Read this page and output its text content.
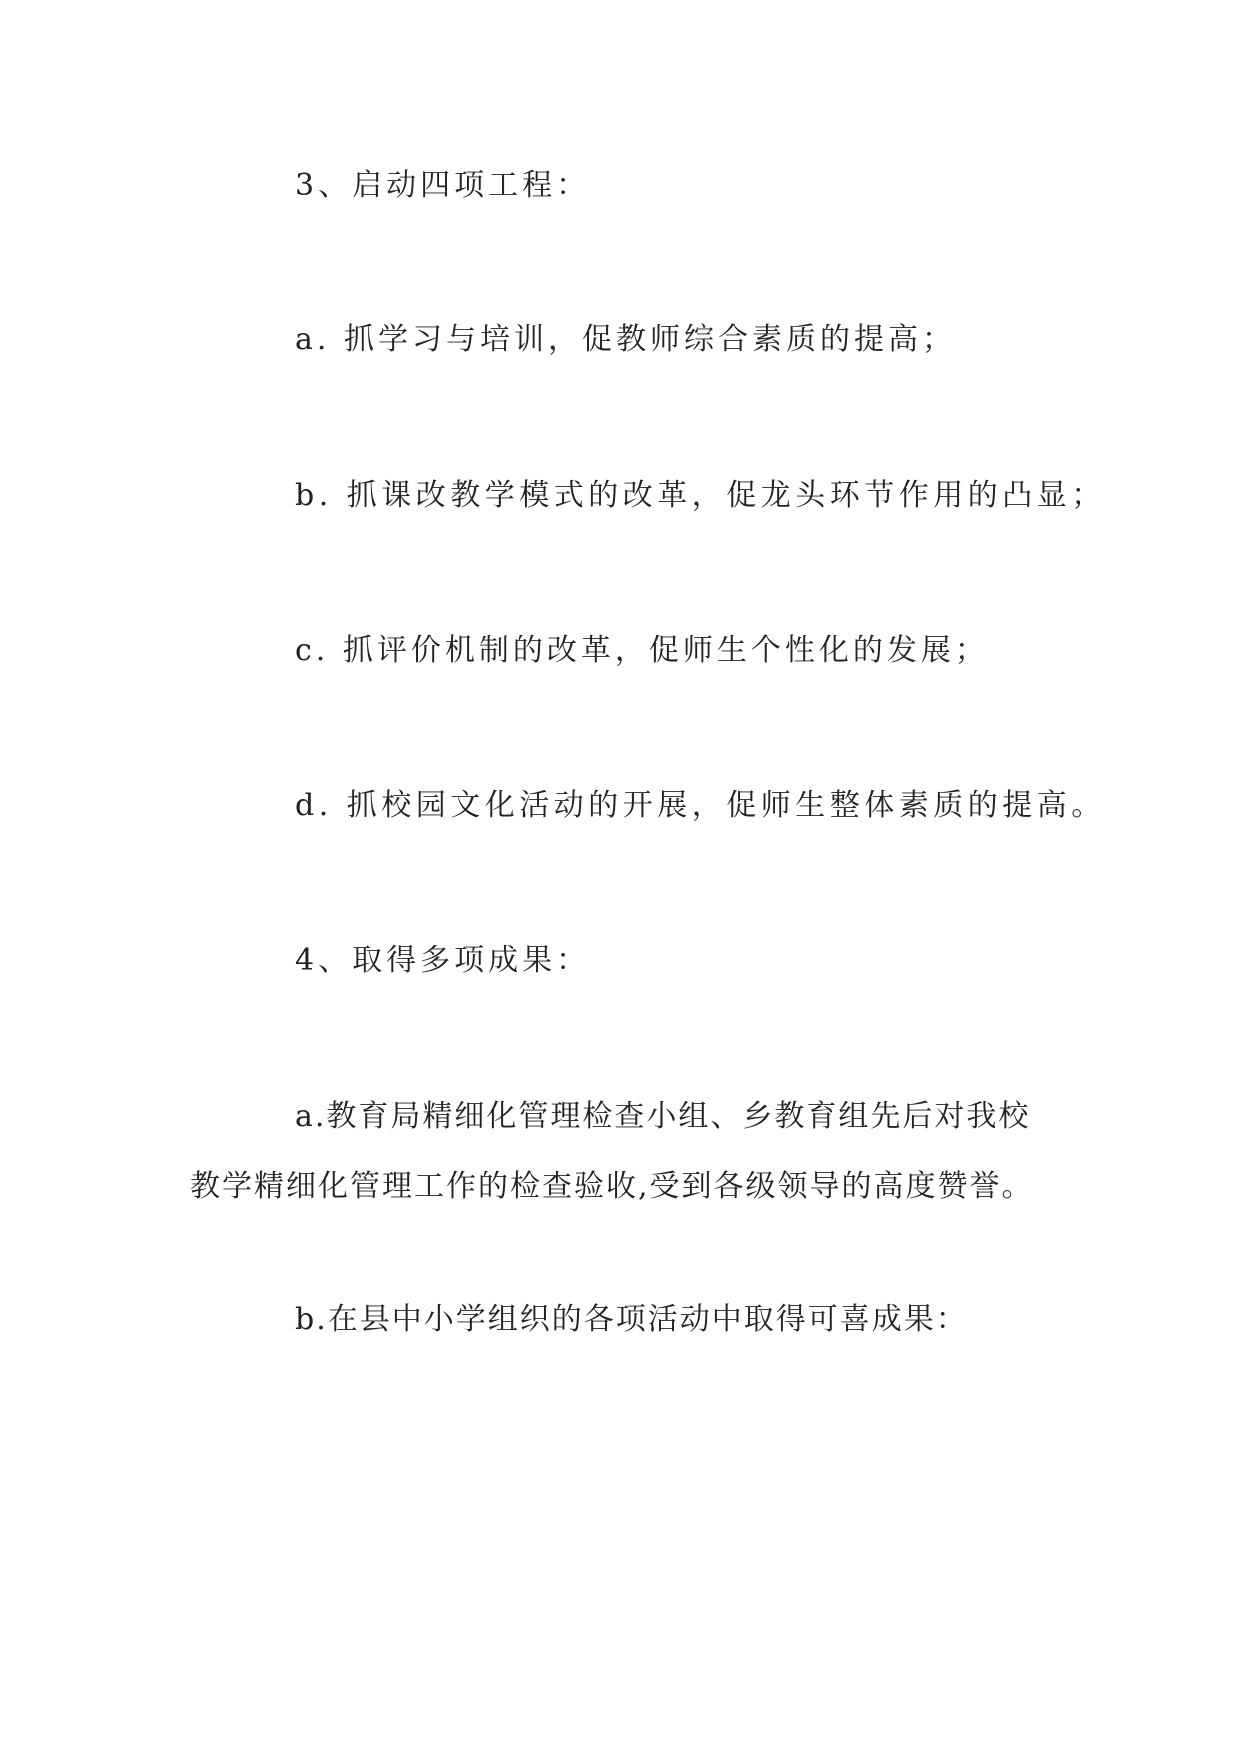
3、启动四项工程：
a. 抓学习与培训，促教师综合素质的提高；
b. 抓课改教学模式的改革，促龙头环节作用的凸显；
c. 抓评价机制的改革，促师生个性化的发展；
d. 抓校园文化活动的开展，促师生整体素质的提高。
4、取得多项成果：
a.教育局精细化管理检查小组、乡教育组先后对我校
教学精细化管理工作的检查验收,受到各级领导的高度赞誉。
b.在县中小学组织的各项活动中取得可喜成果：
